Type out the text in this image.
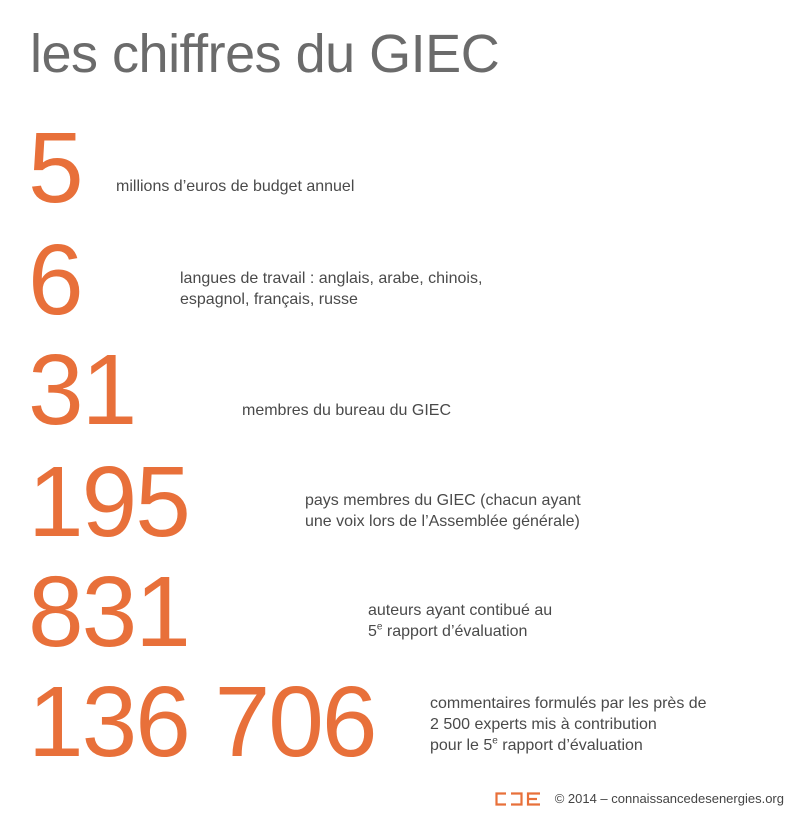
les chiffres du GIEC
5 millions d’euros de budget annuel
6	langues de travail : anglais, arabe, chinois,
espagnol, français, russe
31	membres du bureau du GIEC
195	pays membres du GIEC (chacun ayant
une voix lors de l’Assemblée générale)
831	auteurs ayant contibué au
5e rapport d’évaluation
136 706	commentaires formulés par les près de
2 500 experts mis à contribution
pour le 5e rapport d’évaluation
© 2014 – connaissancedesenergies.org
